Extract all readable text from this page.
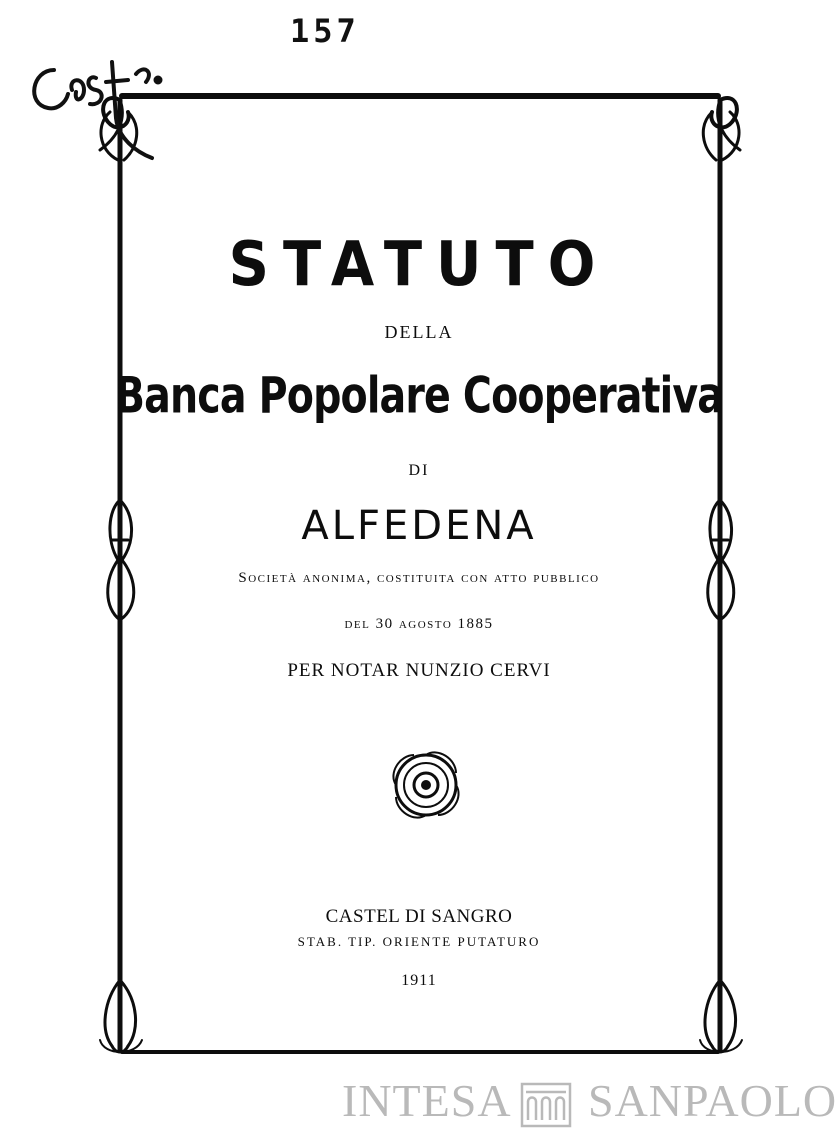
157
STATUTO
DELLA
Banca Popolare Cooperativa
DI
ALFEDENA
Società anonima, costituita con atto pubblico
del 30 agosto 1885
PER NOTAR NUNZIO CERVI
CASTEL DI SANGRO
STAB. TIP. ORIENTE PUTATURO
1911
INTESA SANPAOLO
